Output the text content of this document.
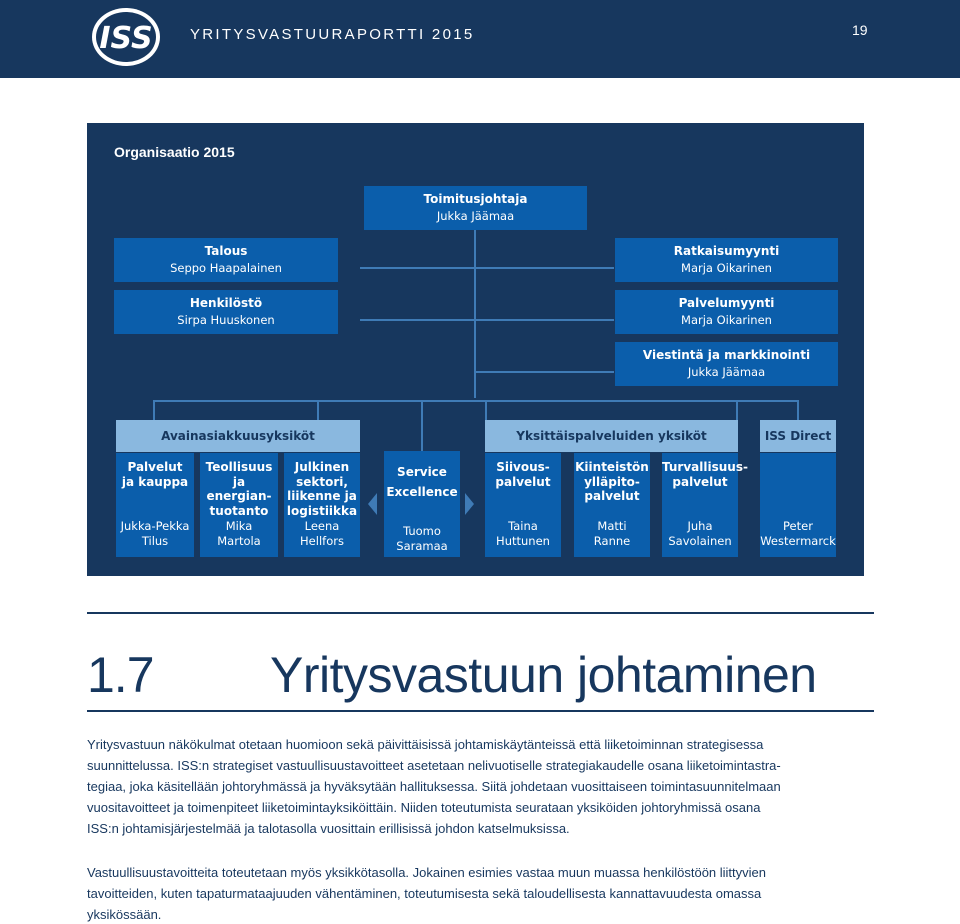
ISS YRITYSVASTUURAPORTTI 2015	19
Organisaatio 2015
Toimitusjohtaja
Jukka Jäämaa
Talous
Seppo Haapalainen
Henkilöstö
Sirpa Huuskonen
Ratkaisumyynti
Marja Oikarinen
Palvelumyynti
Marja Oikarinen
Viestintä ja markkinointi
Jukka Jäämaa
Avainasiakkuusyksiköt	Yksittäispalveluiden yksiköt	ISS Direct
Palvelut
ja kauppa
Jukka-Pekka
Tilus
Teollisuus
ja energian-
tuotanto
Mika
Martola
Julkinen
sektori,
liikenne ja
logistiikka
Leena
Hellfors
Service
Excellence
Tuomo
Saramaa
Siivous-
palvelut
Taina
Huttunen
Kiinteistön
ylläpito-
palvelut
Matti
Ranne
Turvallisuus-
palvelut
Juha
Savolainen
Peter
Westermarck
1.7 Yritysvastuun johtaminen
Yritysvastuun näkökulmat otetaan huomioon sekä päivittäisissä johtamiskäytänteissä että liiketoiminnan strategisessa
suunnittelussa. ISS:n strategiset vastuullisuustavoitteet asetetaan nelivuotiselle strategiakaudelle osana liiketoimintastra-
tegiaa, joka käsitellään johtoryhmässä ja hyväksytään hallituksessa. Siitä johdetaan vuosittaiseen toimintasuunnitelmaan
vuositavoitteet ja toimenpiteet liiketoimintayksiköittäin. Niiden toteutumista seurataan yksiköiden johtoryhmissä osana
ISS:n johtamisjärjestelmää ja talotasolla vuosittain erillisissä johdon katselmuksissa.
Vastuullisuustavoitteita toteutetaan myös yksikkötasolla. Jokainen esimies vastaa muun muassa henkilöstöön liittyvien
tavoitteiden, kuten tapaturmataajuuden vähentäminen, toteutumisesta sekä taloudellisesta kannattavuudesta omassa
yksikössään.
